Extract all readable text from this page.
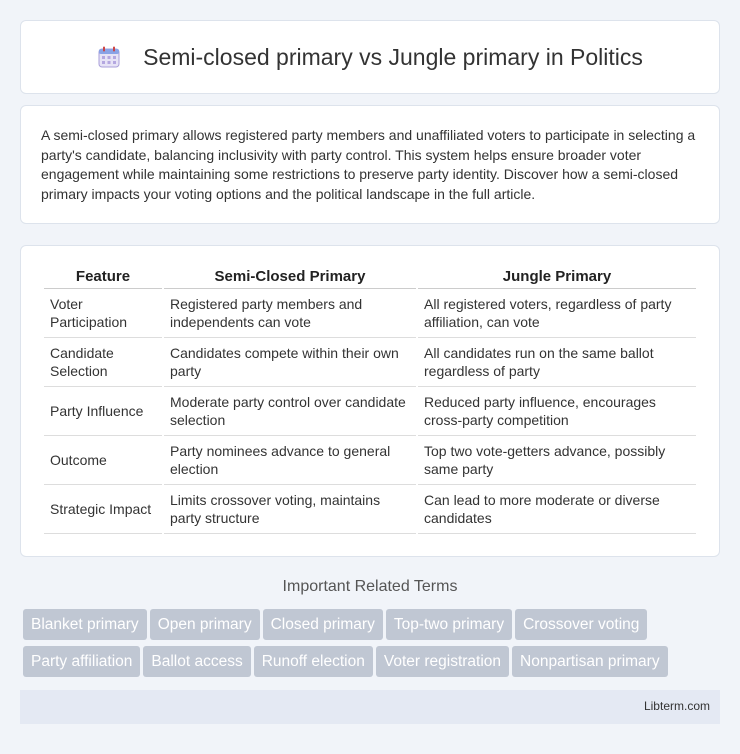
Semi-closed primary vs Jungle primary in Politics

A semi-closed primary allows registered party members and unaffiliated voters to participate in selecting a party's candidate, balancing inclusivity with party control. This system helps ensure broader voter engagement while maintaining some restrictions to preserve party identity. Discover how a semi-closed primary impacts your voting options and the political landscape in the full article.

Feature	Semi-Closed Primary	Jungle Primary
Voter Participation	Registered party members and independents can vote	All registered voters, regardless of party affiliation, can vote
Candidate Selection	Candidates compete within their own party	All candidates run on the same ballot regardless of party
Party Influence	Moderate party control over candidate selection	Reduced party influence, encourages cross-party competition
Outcome	Party nominees advance to general election	Top two vote-getters advance, possibly same party
Strategic Impact	Limits crossover voting, maintains party structure	Can lead to more moderate or diverse candidates
Important Related Terms
Blanket primary Open primary Closed primary Top-two primary Crossover voting
Party affiliation Ballot access Runoff election Voter registration Nonpartisan primary
Libterm.com
